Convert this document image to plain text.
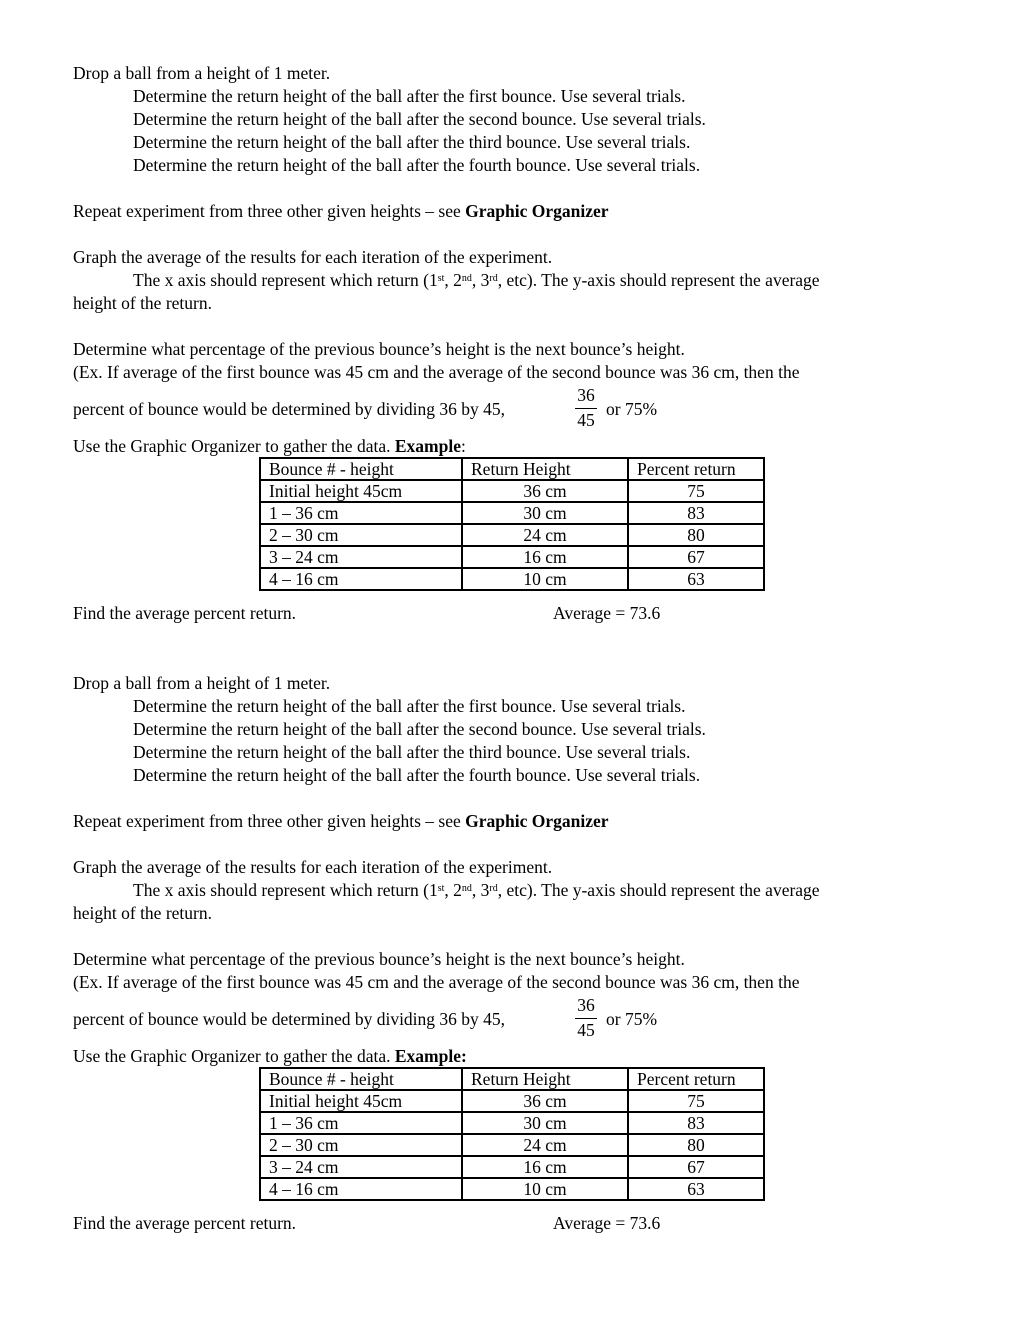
Drop a ball from a height of 1 meter.
Determine the return height of the ball after the first bounce. Use several trials.
Determine the return height of the ball after the second bounce. Use several trials.
Determine the return height of the ball after the third bounce. Use several trials.
Determine the return height of the ball after the fourth bounce. Use several trials.
Repeat experiment from three other given heights – see Graphic Organizer
Graph the average of the results for each iteration of the experiment.
The x axis should represent which return (1st, 2nd, 3rd, etc). The y-axis should represent the average
height of the return.
Determine what percentage of the previous bounce’s height is the next bounce’s height.
(Ex. If average of the first bounce was 45 cm and the average of the second bounce was 36 cm, then the
percent of bounce would be determined by dividing 36 by 45,
36
45
or 75%
Use the Graphic Organizer to gather the data. Example:
Bounce # - height	Return Height	Percent return
Initial height 45cm	36 cm	75
1 – 36 cm	30 cm	83
2 – 30 cm	24 cm	80
3 – 24 cm	16 cm	67
4 – 16 cm	10 cm	63
Find the average percent return.	Average = 73.6
Drop a ball from a height of 1 meter.
Determine the return height of the ball after the first bounce. Use several trials.
Determine the return height of the ball after the second bounce. Use several trials.
Determine the return height of the ball after the third bounce. Use several trials.
Determine the return height of the ball after the fourth bounce. Use several trials.
Repeat experiment from three other given heights – see Graphic Organizer
Graph the average of the results for each iteration of the experiment.
The x axis should represent which return (1st, 2nd, 3rd, etc). The y-axis should represent the average
height of the return.
Determine what percentage of the previous bounce’s height is the next bounce’s height.
(Ex. If average of the first bounce was 45 cm and the average of the second bounce was 36 cm, then the
percent of bounce would be determined by dividing 36 by 45,
36
45
or 75%
Use the Graphic Organizer to gather the data. Example:
Bounce # - height	Return Height	Percent return
Initial height 45cm	36 cm	75
1 – 36 cm	30 cm	83
2 – 30 cm	24 cm	80
3 – 24 cm	16 cm	67
4 – 16 cm	10 cm	63
Find the average percent return.	Average = 73.6
